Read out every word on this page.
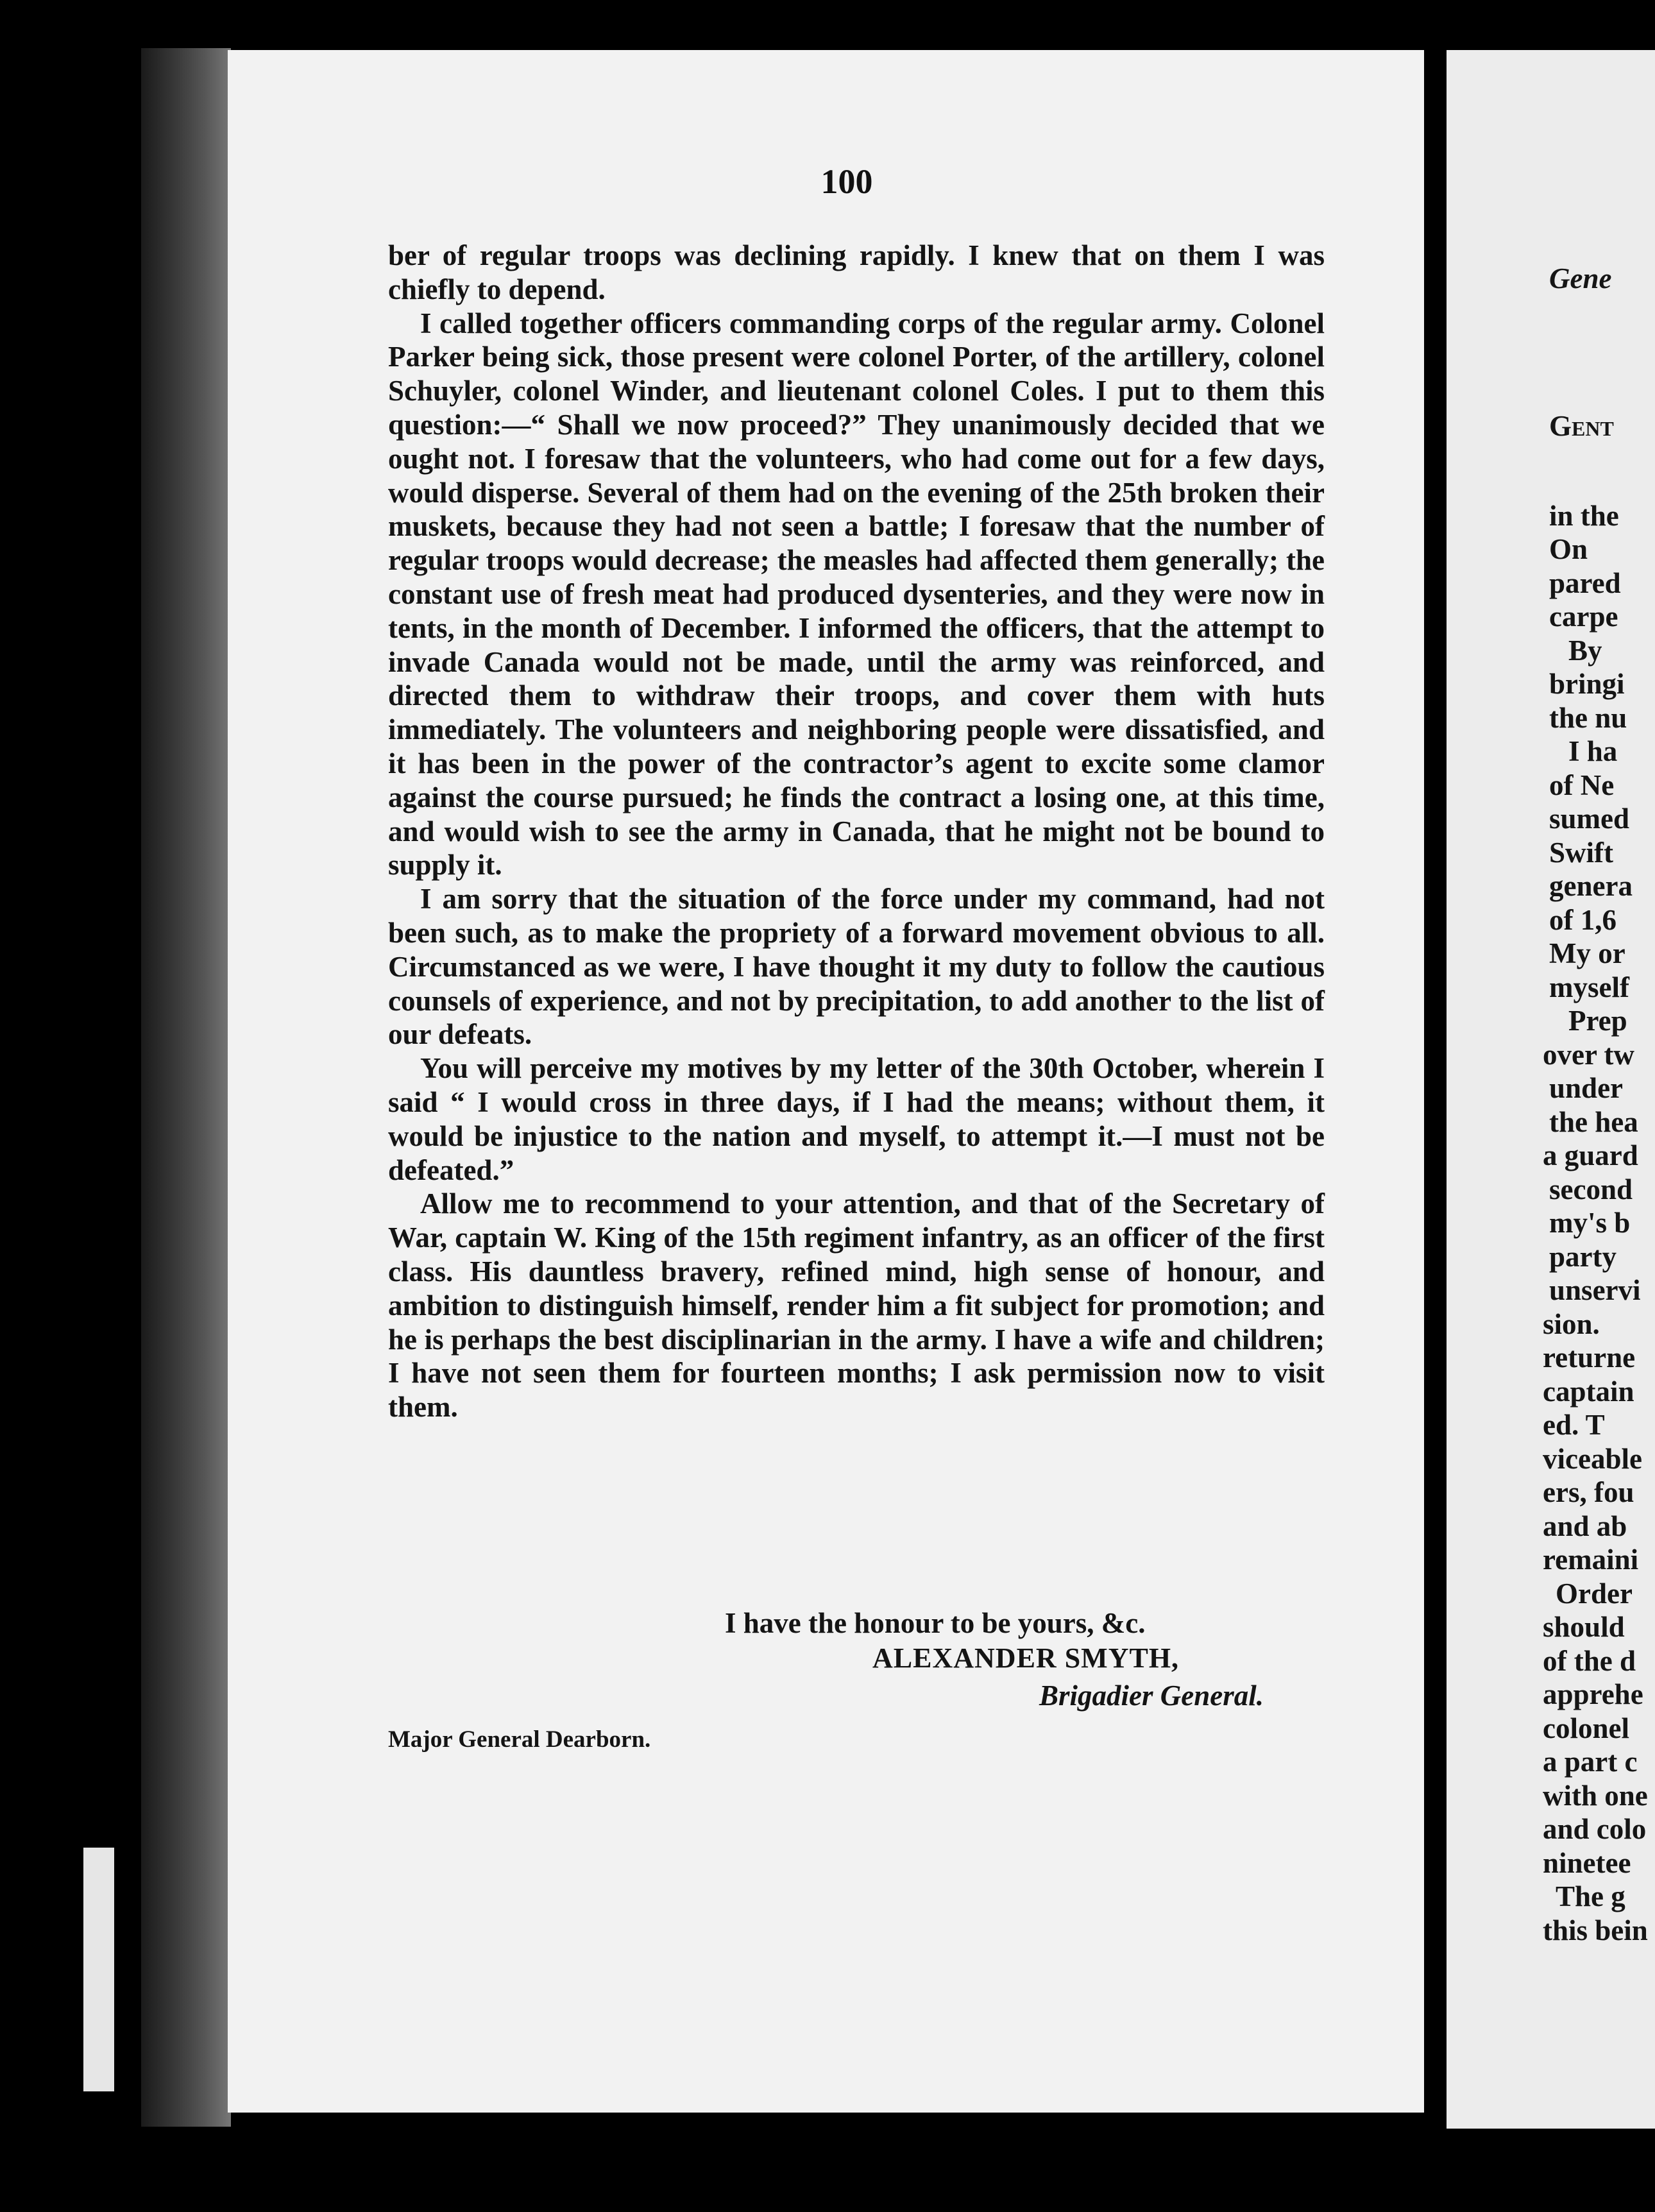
100

ber of regular troops was declining rapidly. I knew that on them I was chiefly to depend.

I called together officers commanding corps of the regular army. Colonel Parker being sick, those present were colonel Porter, of the artillery, colonel Schuyler, colonel Winder, and lieutenant colonel Coles. I put to them this question:—“ Shall we now proceed?” They unanimously decided that we ought not. I foresaw that the volunteers, who had come out for a few days, would disperse. Several of them had on the evening of the 25th broken their muskets, because they had not seen a battle; I foresaw that the number of regular troops would decrease; the measles had affected them generally; the constant use of fresh meat had produced dysenteries, and they were now in tents, in the month of December. I informed the officers, that the attempt to invade Canada would not be made, until the army was reinforced, and directed them to withdraw their troops, and cover them with huts immediately. The volunteers and neighboring people were dissatisfied, and it has been in the power of the contractor’s agent to excite some clamor against the course pursued; he finds the contract a losing one, at this time, and would wish to see the army in Canada, that he might not be bound to supply it.

I am sorry that the situation of the force under my command, had not been such, as to make the propriety of a forward movement obvious to all. Circumstanced as we were, I have thought it my duty to follow the cautious counsels of experience, and not by precipitation, to add another to the list of our defeats.

You will perceive my motives by my letter of the 30th October, wherein I said “ I would cross in three days, if I had the means; without them, it would be injustice to the nation and myself, to attempt it.—I must not be defeated.”

Allow me to recommend to your attention, and that of the Secretary of War, captain W. King of the 15th regiment infantry, as an officer of the first class. His dauntless bravery, refined mind, high sense of honour, and ambition to distinguish himself, render him a fit subject for promotion; and he is perhaps the best disciplinarian in the army. I have a wife and children; I have not seen them for fourteen months; I ask permission now to visit them.

I have the honour to be yours, &c.
ALEXANDER SMYTH,
Brigadier General.
Major General Dearborn.
Gene
Gent
in the
On
pared
carpe
By
bringi
the nu
I ha
of Ne
sumed
Swift
genera
of 1,6
My or
myself
Prep
over tw
under
the hea
a guard
second
my's b
party
unservi
sion.
returne
captain
ed. T
viceable
ers, fou
and ab
remaini
Order
should
of the d
apprehe
colonel
a part c
with one
and colo
ninetee
The g
this bein
